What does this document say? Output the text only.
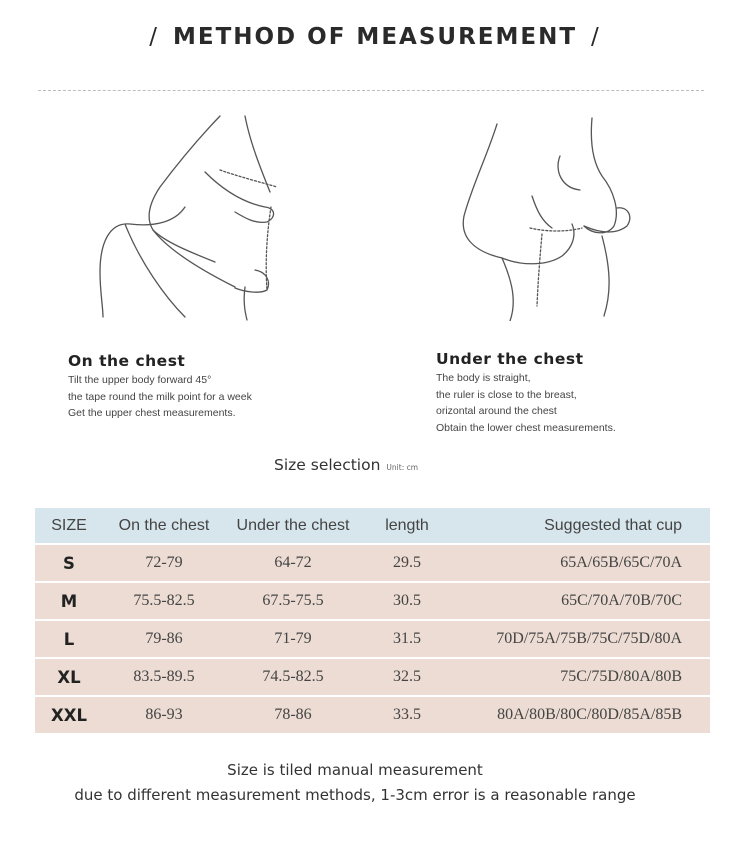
/ METHOD OF MEASUREMENT /
On the chest
Tilt the upper body forward 45°
the tape round the milk point for a week
Get the upper chest measurements.
Under the chest
The body is straight,
the ruler is close to the breast,
orizontal around the chest
Obtain the lower chest measurements.
Size selection Unit: cm
SIZE	On the chest	Under the chest	length	Suggested that cup
S	72-79	64-72	29.5	65A/65B/65C/70A
M	75.5-82.5	67.5-75.5	30.5	65C/70A/70B/70C
L	79-86	71-79	31.5	70D/75A/75B/75C/75D/80A
XL	83.5-89.5	74.5-82.5	32.5	75C/75D/80A/80B
XXL	86-93	78-86	33.5	80A/80B/80C/80D/85A/85B
Size is tiled manual measurement
due to different measurement methods, 1-3cm error is a reasonable range
